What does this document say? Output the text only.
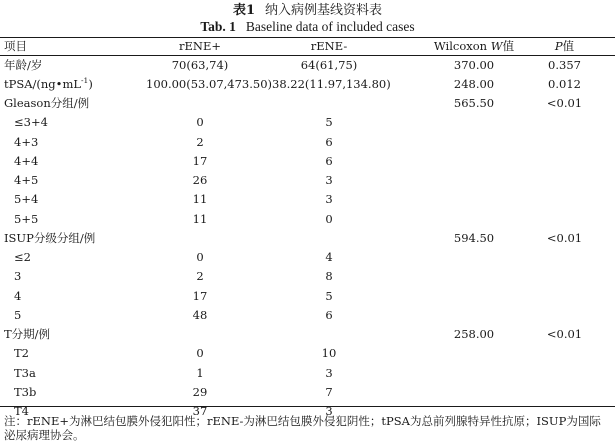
表1 纳入病例基线资料表
Tab. 1 Baseline data of included cases
项目	rENE+	rENE-	Wilcoxon W值	P值
年龄/岁	70(63,74)	64(61,75)	370.00	0.357
tPSA/$(ng•mL^{-1})$	100.00(53.07,473.50)	38.22(11.97,134.80)	248.00	0.012
Gleason分组/例			565.50	<0.01
≤3+4	0	5		
4+3	2	6		
4+4	17	6		
4+5	26	3		
5+4	11	3		
5+5	11	0		
ISUP分级分组/例			594.50	<0.01
≤2	0	4		
3	2	8		
4	17	5		
5	48	6		
T分期/例			258.00	<0.01
T2	0	10		
T3a	1	3		
T3b	29	7		
T4	37	3		
注：rENE+为淋巴结包膜外侵犯阳性；rENE-为淋巴结包膜外侵犯阴性；tPSA为总前列腺特异性抗原；ISUP为国际泌尿病理协会。
